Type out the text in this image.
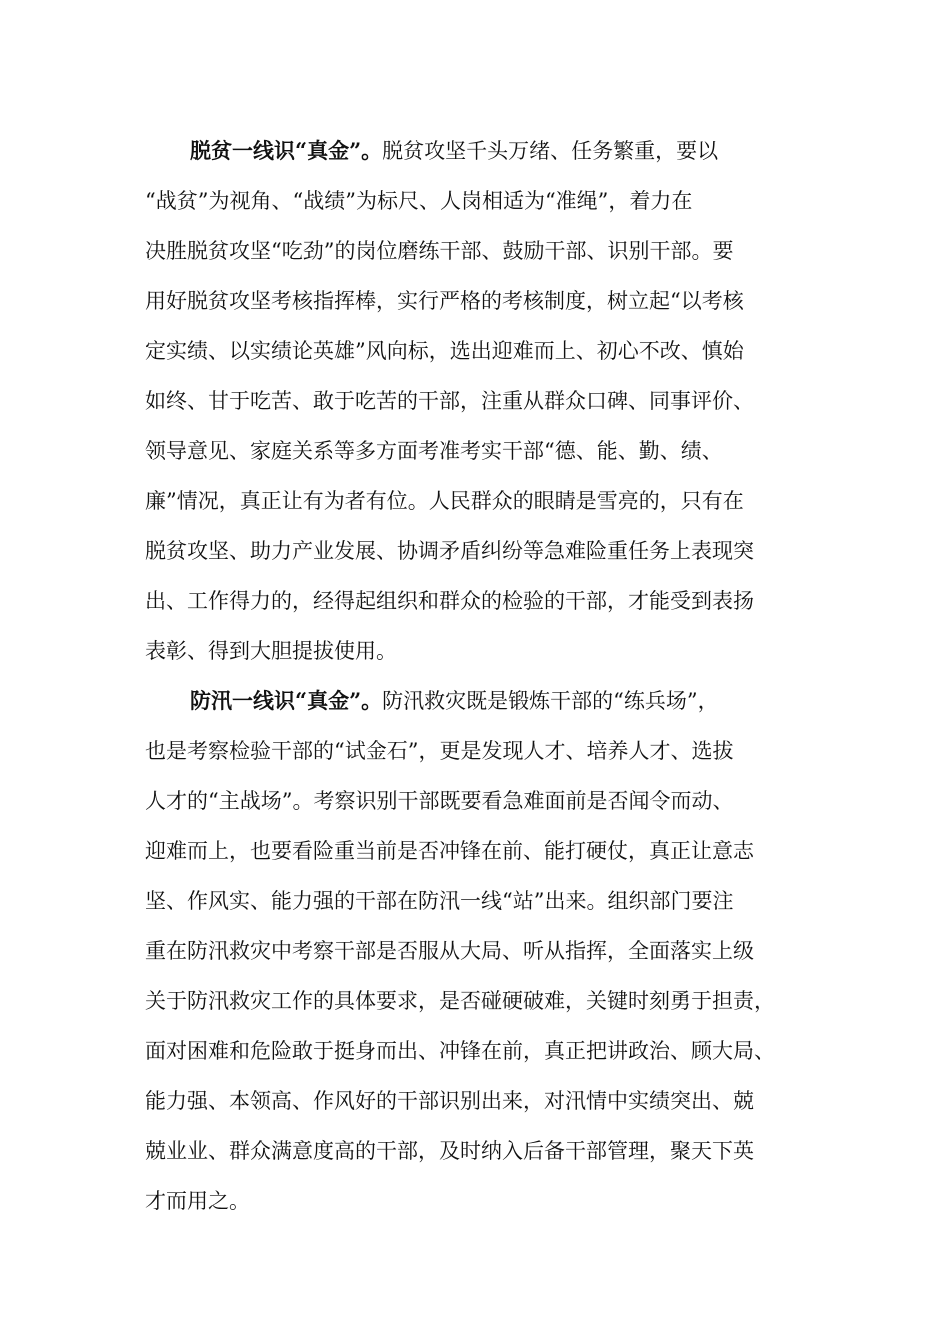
脱贫一线识“真金”。脱贫攻坚千头万绪、任务繁重，要以
“战贫”为视角、“战绩”为标尺、人岗相适为“准绳”，着力在
决胜脱贫攻坚“吃劲”的岗位磨练干部、鼓励干部、识别干部。要
用好脱贫攻坚考核指挥棒，实行严格的考核制度，树立起“以考核
定实绩、以实绩论英雄”风向标，选出迎难而上、初心不改、慎始
如终、甘于吃苦、敢于吃苦的干部，注重从群众口碑、同事评价、
领导意见、家庭关系等多方面考准考实干部“德、能、勤、绩、
廉”情况，真正让有为者有位。人民群众的眼睛是雪亮的，只有在
脱贫攻坚、助力产业发展、协调矛盾纠纷等急难险重任务上表现突
出、工作得力的，经得起组织和群众的检验的干部，才能受到表扬
表彰、得到大胆提拔使用。
防汛一线识“真金”。防汛救灾既是锻炼干部的“练兵场”，
也是考察检验干部的“试金石”，更是发现人才、培养人才、选拔
人才的“主战场”。考察识别干部既要看急难面前是否闻令而动、
迎难而上，也要看险重当前是否冲锋在前、能打硬仗，真正让意志
坚、作风实、能力强的干部在防汛一线“站”出来。组织部门要注
重在防汛救灾中考察干部是否服从大局、听从指挥，全面落实上级
关于防汛救灾工作的具体要求，是否碰硬破难，关键时刻勇于担责，
面对困难和危险敢于挺身而出、冲锋在前，真正把讲政治、顾大局、
能力强、本领高、作风好的干部识别出来，对汛情中实绩突出、兢
兢业业、群众满意度高的干部，及时纳入后备干部管理，聚天下英
才而用之。
